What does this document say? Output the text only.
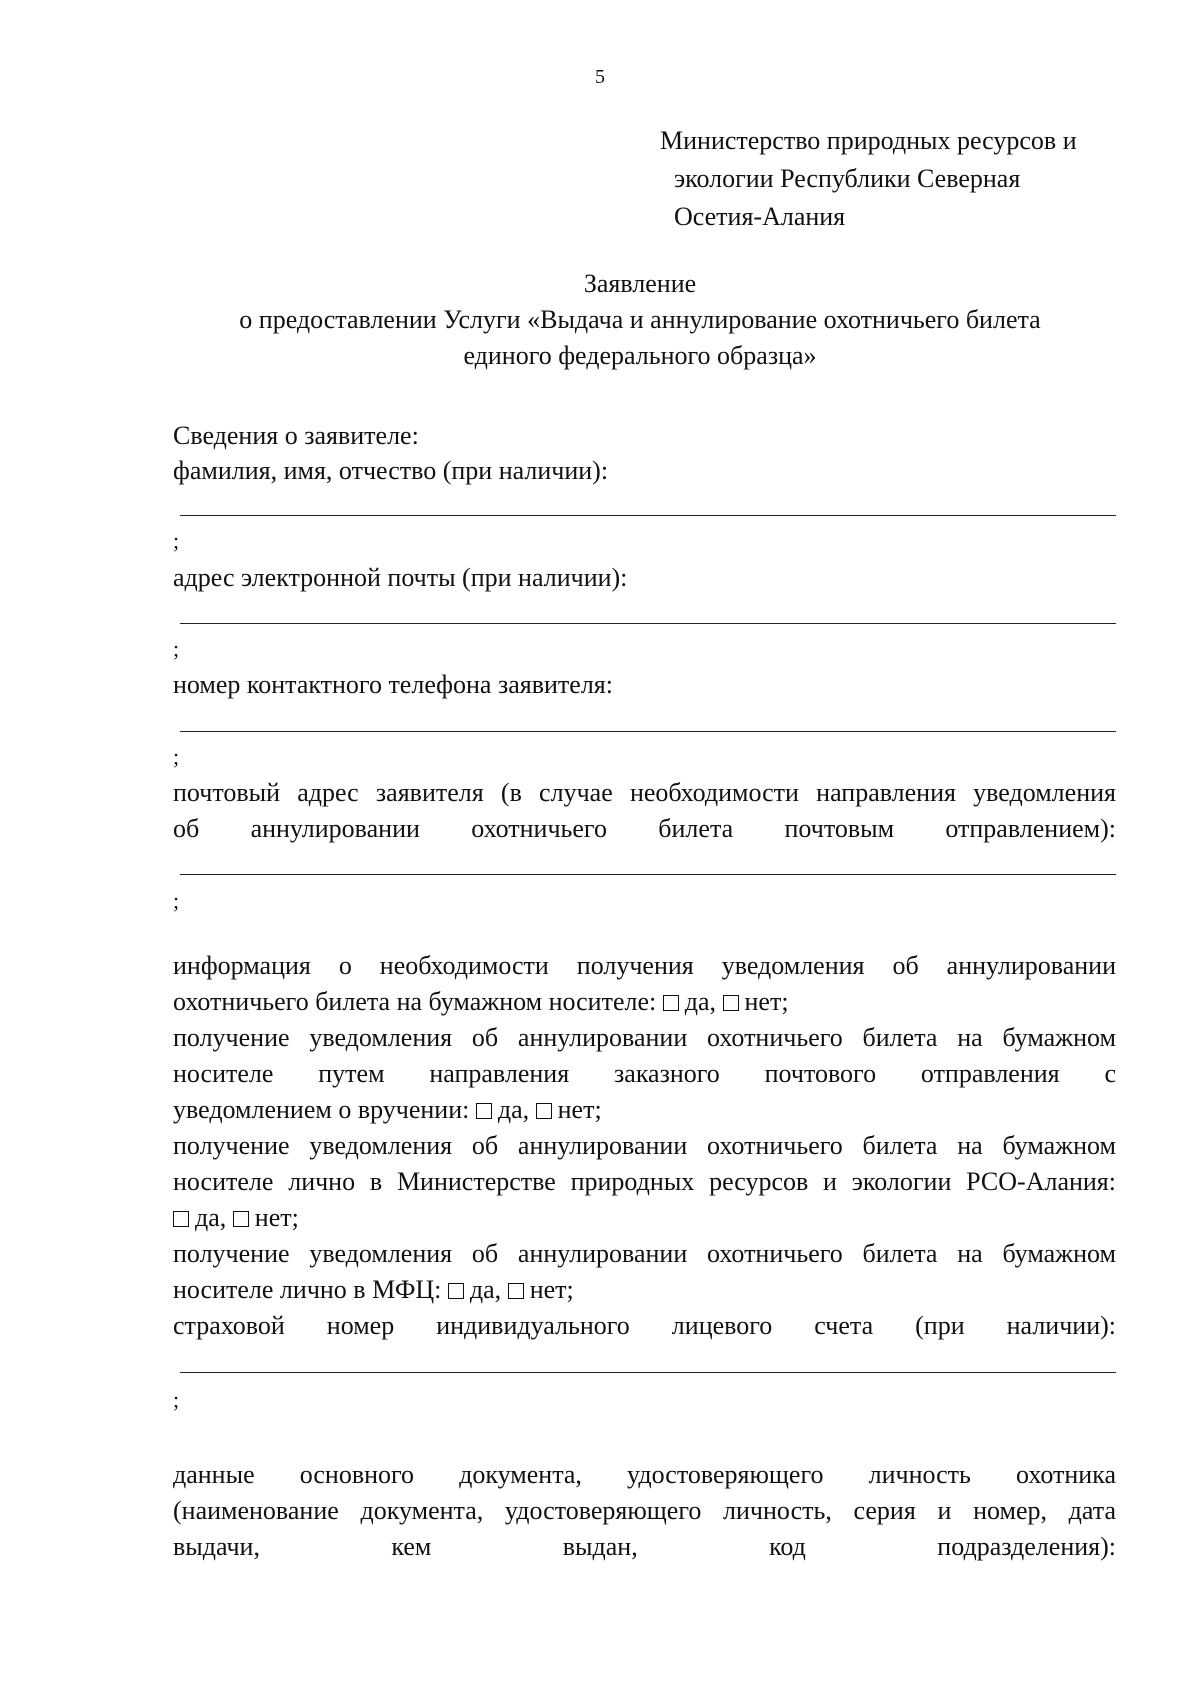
5
Министерство природных ресурсов и
экологии Республики Северная
Осетия-Алания
Заявление
о предоставлении Услуги «Выдача и аннулирование охотничьего билета
единого федерального образца»
Сведения о заявителе:
фамилия, имя, отчество (при наличии):
;
адрес электронной почты (при наличии):
;
номер контактного телефона заявителя:
;
почтовый адрес заявителя (в случае необходимости направления уведомления
об аннулировании охотничьего билета почтовым отправлением):
;
информация о необходимости получения уведомления об аннулировании
охотничьего билета на бумажном носителе: да, нет;
получение уведомления об аннулировании охотничьего билета на бумажном
носителе путем направления заказного почтового отправления с
уведомлением о вручении: да, нет;
получение уведомления об аннулировании охотничьего билета на бумажном
носителе лично в Министерстве природных ресурсов и экологии РСО-Алания:
да, нет;
получение уведомления об аннулировании охотничьего билета на бумажном
носителе лично в МФЦ: да, нет;
страховой номер индивидуального лицевого счета (при наличии):
;
данные основного документа, удостоверяющего личность охотника
(наименование документа, удостоверяющего личность, серия и номер, дата
выдачи, кем выдан, код подразделения):
